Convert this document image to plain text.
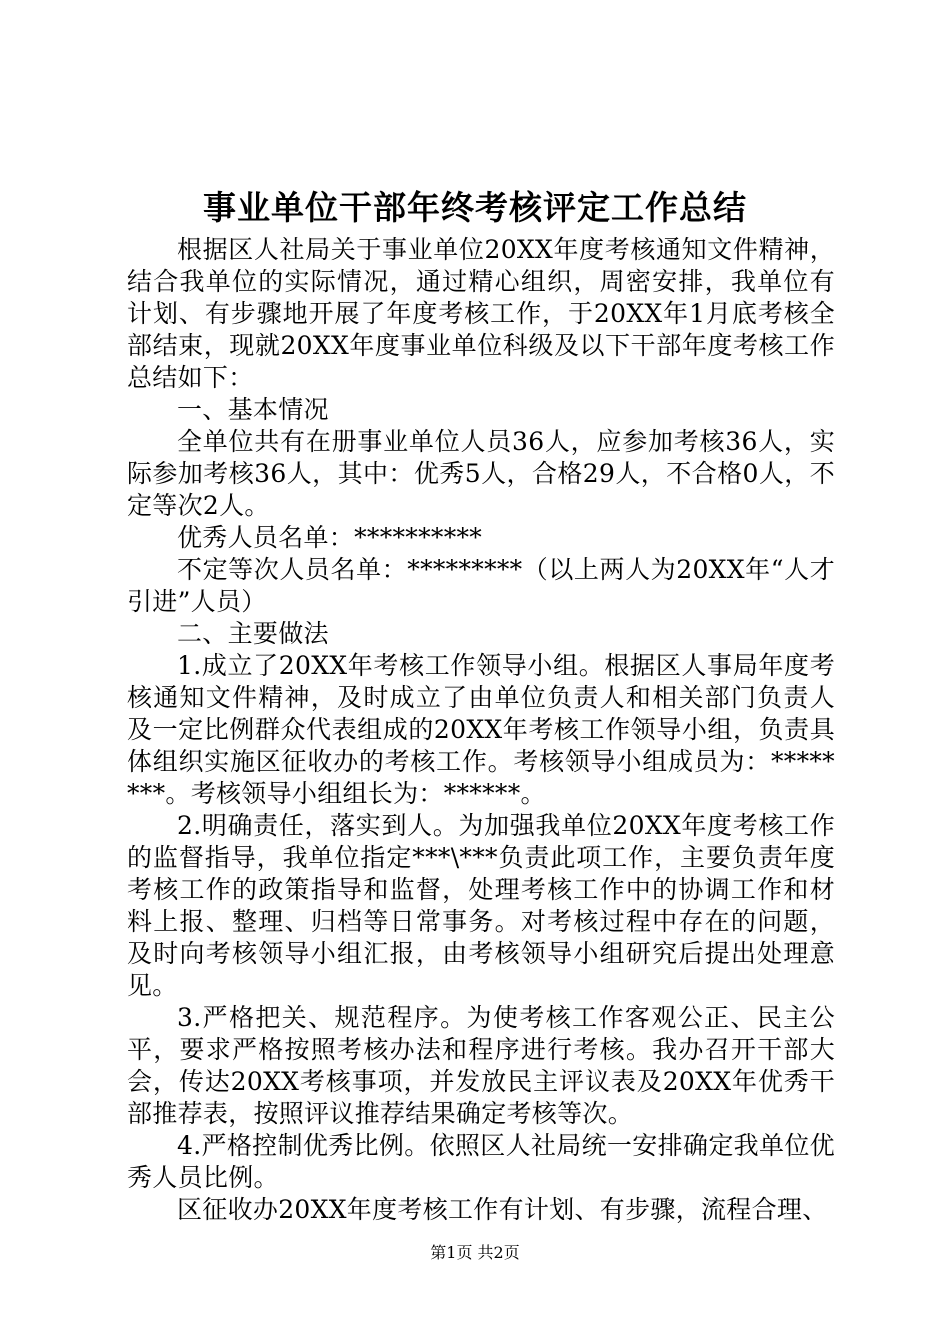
事业单位干部年终考核评定工作总结

根据区人社局关于事业单位20XX年度考核通知文件精神，结合我单位的实际情况，通过精心组织，周密安排，我单位有计划、有步骤地开展了年度考核工作，于20XX年1月底考核全部结束，现就20XX年度事业单位科级及以下干部年度考核工作总结如下：

一、基本情况

全单位共有在册事业单位人员36人，应参加考核36人，实际参加考核36人，其中：优秀5人，合格29人，不合格0人，不定等次2人。

优秀人员名单：**********

不定等次人员名单：*********（以上两人为20XX年“人才引进”人员）

二、主要做法

1.成立了20XX年考核工作领导小组。根据区人事局年度考核通知文件精神，及时成立了由单位负责人和相关部门负责人及一定比例群众代表组成的20XX年考核工作领导小组，负责具体组织实施区征收办的考核工作。考核领导小组成员为：********。考核领导小组组长为：******。

2.明确责任，落实到人。为加强我单位20XX年度考核工作的监督指导，我单位指定***\***负责此项工作，主要负责年度考核工作的政策指导和监督，处理考核工作中的协调工作和材料上报、整理、归档等日常事务。对考核过程中存在的问题，及时向考核领导小组汇报，由考核领导小组研究后提出处理意见。

3.严格把关、规范程序。为使考核工作客观公正、民主公平，要求严格按照考核办法和程序进行考核。我办召开干部大会，传达20XX考核事项，并发放民主评议表及20XX年优秀干部推荐表，按照评议推荐结果确定考核等次。

4.严格控制优秀比例。依照区人社局统一安排确定我单位优秀人员比例。

区征收办20XX年度考核工作有计划、有步骤，流程合理、

第1页 共2页
